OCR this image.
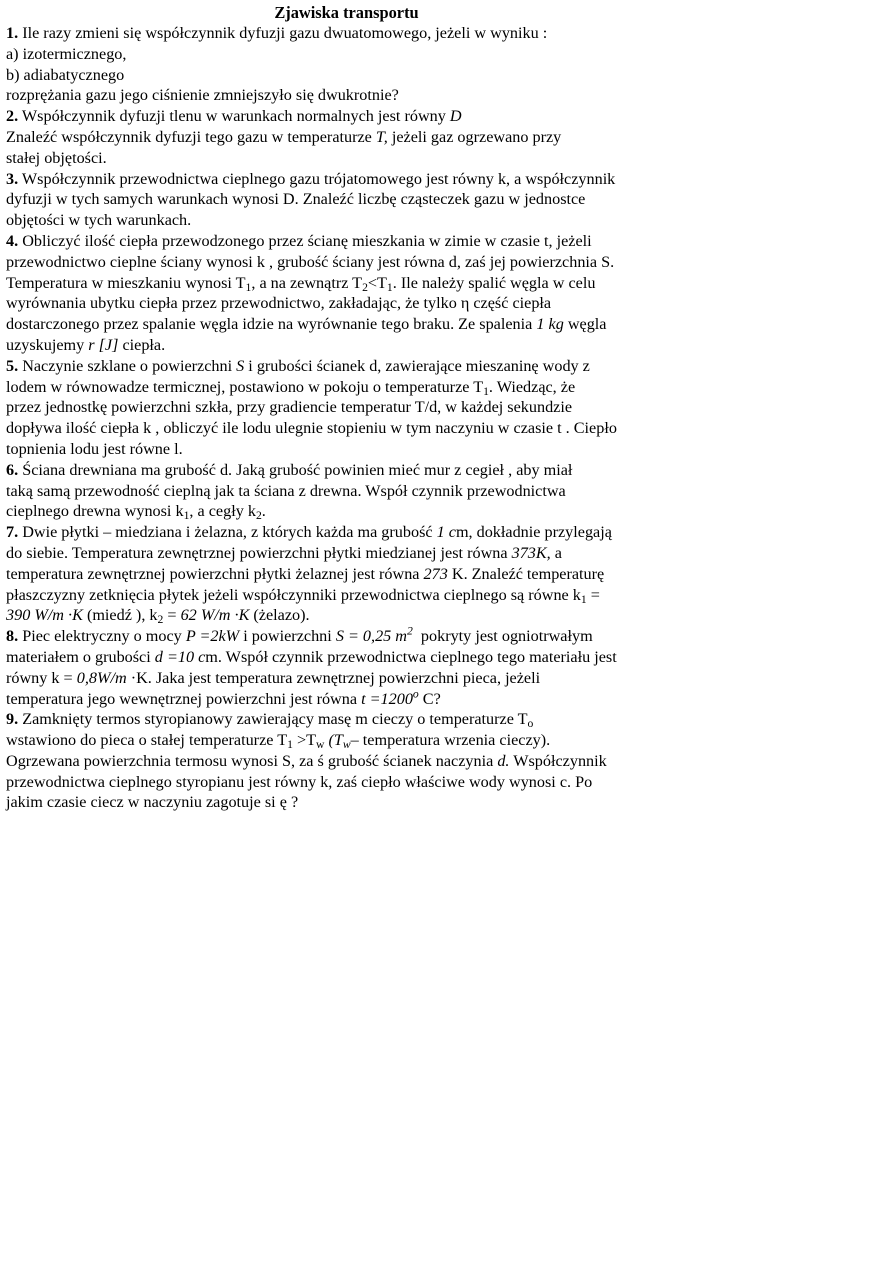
Zjawiska transportu
1. Ile razy zmieni się współczynnik dyfuzji gazu dwuatomowego, jeżeli w wyniku :
a) izotermicznego,
b) adiabatycznego
rozprężania gazu jego ciśnienie zmniejszyło się dwukrotnie?
2. Współczynnik dyfuzji tlenu w warunkach normalnych jest równy D
Znaleźć współczynnik dyfuzji tego gazu w temperaturze T, jeżeli gaz ogrzewano przy
stałej objętości.
3. Współczynnik przewodnictwa cieplnego gazu trójatomowego jest równy k, a współczynnik
dyfuzji w tych samych warunkach wynosi D. Znaleźć liczbę cząsteczek gazu w jednostce
objętości w tych warunkach.
4. Obliczyć ilość ciepła przewodzonego przez ścianę mieszkania w zimie w czasie t, jeżeli
przewodnictwo cieplne ściany wynosi k , grubość ściany jest równa d, zaś jej powierzchnia S.
Temperatura w mieszkaniu wynosi $T_1$, a na zewnątrz $T_2<T_1$. Ile należy spalić węgla w celu
wyrównania ubytku ciepła przez przewodnictwo, zakładając, że tylko η część ciepła
dostarczonego przez spalanie węgla idzie na wyrównanie tego braku. Ze spalenia 1 kg węgla
uzyskujemy r [J] ciepła.
5. Naczynie szklane o powierzchni S i grubości ścianek d, zawierające mieszaninę wody z
lodem w równowadze termicznej, postawiono w pokoju o temperaturze $T_1$. Wiedząc, że
przez jednostkę powierzchni szkła, przy gradiencie temperatur T/d, w każdej sekundzie
dopływa ilość ciepła k , obliczyć ile lodu ulegnie stopieniu w tym naczyniu w czasie t . Ciepło
topnienia lodu jest równe l.
6. Ściana drewniana ma grubość d. Jaką grubość powinien mieć mur z cegieł , aby miał
taką samą przewodność cieplną jak ta ściana z drewna. Współ czynnik przewodnictwa
cieplnego drewna wynosi $k_1$, a cegły $k_2$.
7. Dwie płytki – miedziana i żelazna, z których każda ma grubość 1 cm, dokładnie przylegają
do siebie. Temperatura zewnętrznej powierzchni płytki miedzianej jest równa 373K, a
temperatura zewnętrznej powierzchni płytki żelaznej jest równa 273 K. Znaleźć temperaturę
płaszczyzny zetknięcia płytek jeżeli współczynniki przewodnictwa cieplnego są równe $k_1$ =
390 W/m ·K (miedź ), $k_2 = 62$ W/m ·K (żelazo).
8. Piec elektryczny o mocy P =2kW i powierzchni S = 0,25 $m^2$ pokryty jest ogniotrwałym
materiałem o grubości d =10 cm. Współ czynnik przewodnictwa cieplnego tego materiału jest
równy k = 0,8W/m ·K. Jaka jest temperatura zewnętrznej powierzchni pieca, jeżeli
temperatura jego wewnętrznej powierzchni jest równa $t =1200^o$ C?
9. Zamknięty termos styropianowy zawierający masę m cieczy o temperaturze $T_o$
wstawiono do pieca o stałej temperaturze $T_1 >T_w$ ($T_w-$ temperatura wrzenia cieczy).
Ogrzewana powierzchnia termosu wynosi S, za ś grubość ścianek naczynia d. Współczynnik
przewodnictwa cieplnego styropianu jest równy k, zaś ciepło właściwe wody wynosi c. Po
jakim czasie ciecz w naczyniu zagotuje si ę ?
